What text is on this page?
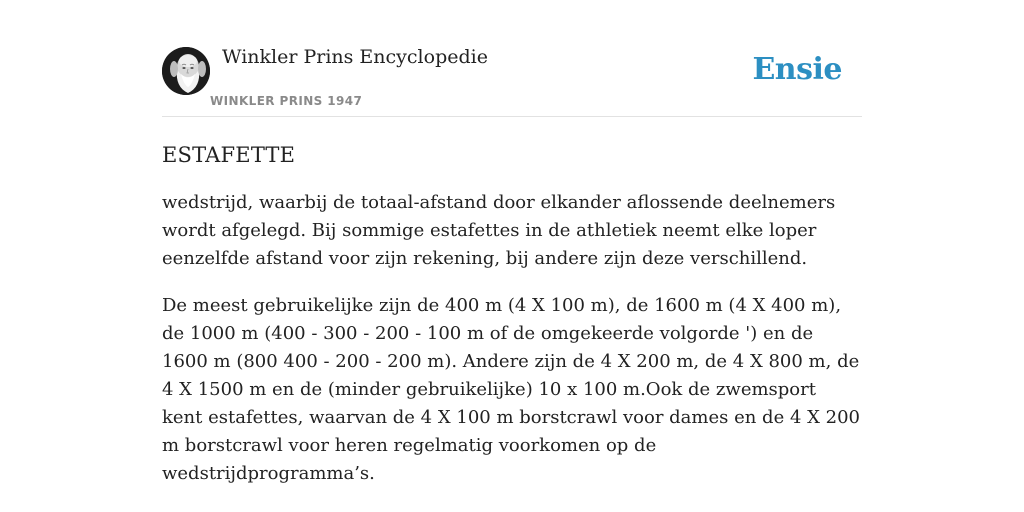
Winkler Prins Encyclopedie
WINKLER PRINS 1947
Ensie
ESTAFETTE

wedstrijd, waarbij de totaal-afstand door elkander aflossende deelnemers wordt afgelegd. Bij sommige estafettes in de athletiek neemt elke loper eenzelfde afstand voor zijn rekening, bij andere zijn deze verschillend.

De meest gebruikelijke zijn de 400 m (4 X 100 m), de 1600 m (4 X 400 m), de 1000 m (400 - 300 - 200 - 100 m of de omgekeerde volgorde ') en de 1600 m (800 400 - 200 - 200 m). Andere zijn de 4 X 200 m, de 4 X 800 m, de 4 X 1500 m en de (minder gebruikelijke) 10 x 100 m.Ook de zwemsport kent estafettes, waarvan de 4 X 100 m borstcrawl voor dames en de 4 X 200 m borstcrawl voor heren regelmatig voorkomen op de wedstrijdprogramma’s.
